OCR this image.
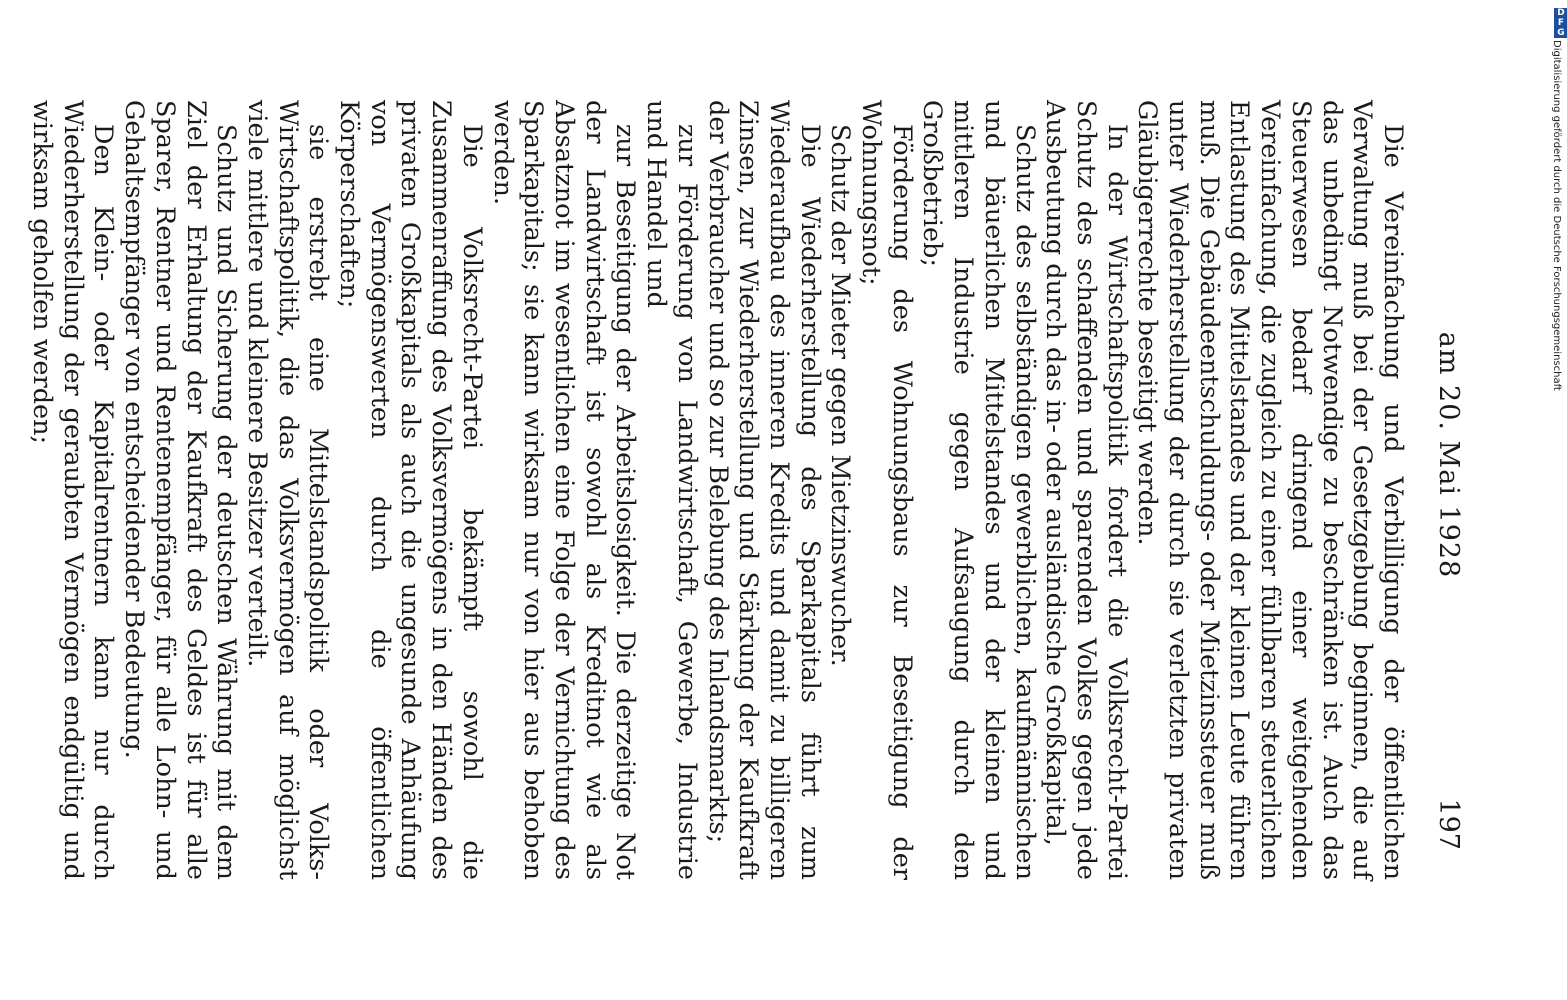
am 20. Mai 1928
197

Die Vereinfachung und Verbilligung der öffentlichen Verwaltung muß bei der Gesetzgebung beginnen, die auf das unbedingt Notwendige zu beschränken ist. Auch das Steuerwesen bedarf dringend einer weitgehenden Vereinfachung, die zugleich zu einer fühlbaren steuerlichen Entlastung des Mittelstandes und der kleinen Leute führen muß. Die Gebäudeentschuldungs- oder Mietzinssteuer muß unter Wiederherstellung der durch sie verletzten privaten Gläubigerrechte beseitigt werden.

In der Wirtschaftspolitik fordert die Volksrecht-Partei Schutz des schaffenden und sparenden Volkes gegen jede Ausbeutung durch das in- oder ausländische Großkapital,

Schutz des selbständigen gewerblichen, kaufmännischen und bäuerlichen Mittelstandes und der kleinen und mittleren Industrie gegen Aufsaugung durch den Großbetrieb;

Förderung des Wohnungsbaus zur Beseitigung der Wohnungsnot;

Schutz der Mieter gegen Mietzinswucher.

Die Wiederherstellung des Sparkapitals führt zum Wiederaufbau des inneren Kredits und damit zu billigeren Zinsen, zur Wiederherstellung und Stärkung der Kaufkraft der Verbraucher und so zur Belebung des Inlandsmarkts;

zur Förderung von Landwirtschaft, Gewerbe, Industrie und Handel und

zur Beseitigung der Arbeitslosigkeit. Die derzeitige Not der Landwirtschaft ist sowohl als Kreditnot wie als Absatznot im wesentlichen eine Folge der Vernichtung des Sparkapitals; sie kann wirksam nur von hier aus behoben werden.

Die Volksrecht-Partei bekämpft sowohl die Zusammenraffung des Volksvermögens in den Händen des privaten Großkapitals als auch die ungesunde Anhäufung von Vermögenswerten durch die öffentlichen Körperschaften;

sie erstrebt eine Mittelstandspolitik oder Volks-Wirtschaftspolitik, die das Volksvermögen auf möglichst viele mittlere und kleinere Besitzer verteilt.

Schutz und Sicherung der deutschen Währung mit dem Ziel der Erhaltung der Kaufkraft des Geldes ist für alle Sparer, Rentner und Rentenempfänger, für alle Lohn- und Gehaltsempfänger von entscheidender Bedeutung.

Den Klein- oder Kapitalrentnern kann nur durch Wiederherstellung der geraubten Vermögen endgültig und wirksam geholfen werden;

D
F
G
Digitalisierung gefördert durch die Deutsche Forschungsgemeinschaft
